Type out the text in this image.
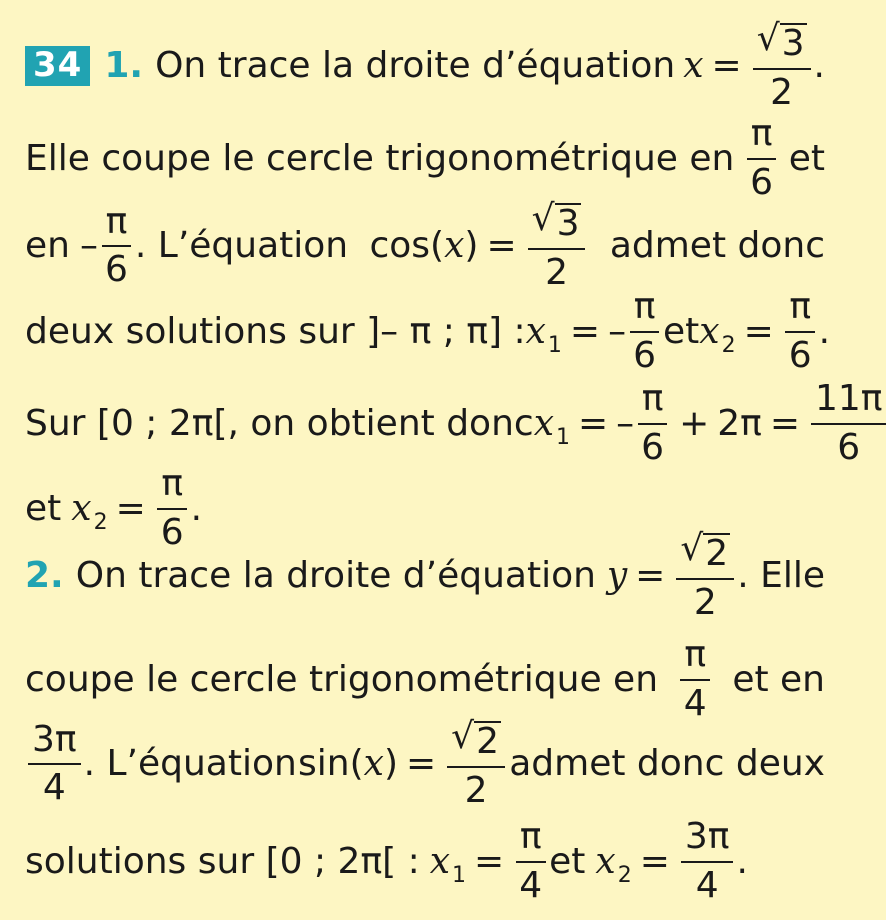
34 1. On trace la droite d’équation $x = \frac{√ 3}{2}$ .
Elle coupe le cercle trigonométrique en $\frac{\pi}{6}$ et
en – $\frac{\pi}{6}$ . L’équation cos( x ) = $\frac{√ 3}{2}$ admet donc
deux solutions sur ]– π ; π] : x 1 = – $\frac{\pi}{6}$ et x $2 = \frac{\pi}{6}$ .
Sur [0 ; 2π[, on obtient donc x 1 = – $\frac{\pi}{6} + 2\pi = \frac{11\pi}{6}$
et x $2 = \frac{\pi}{6}$ .
2. On trace la droite d’équation $y = \frac{√ 2}{2}$ . Elle
coupe le cercle trigonométrique en $\frac{\pi}{4}$ et en
$\frac{3\pi}{4}$ . L’équation sin( x ) = $\frac{√ 2}{2}$ admet donc deux
solutions sur [0 ; 2π[ : x $1 = \frac{\pi}{4}$ et x $2 = \frac{3\pi}{4}$ .
